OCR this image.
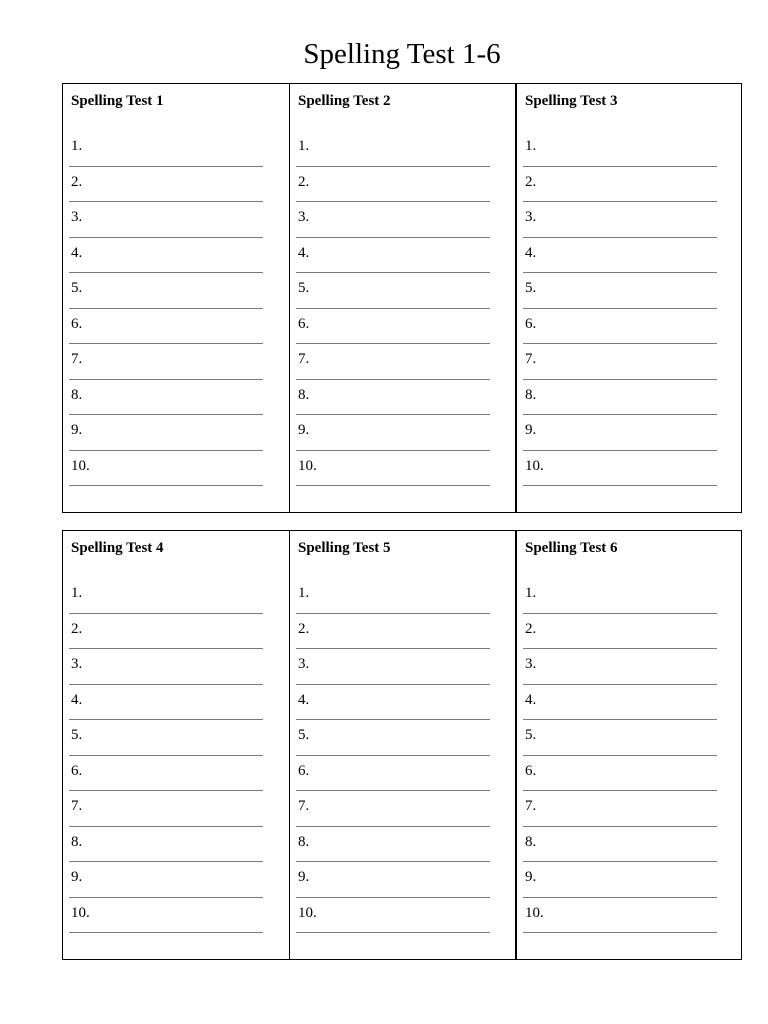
Spelling Test 1-6
Spelling Test 1
1.
2.
3.
4.
5.
6.
7.
8.
9.
10.
Spelling Test 2
1.
2.
3.
4.
5.
6.
7.
8.
9.
10.
Spelling Test 3
1.
2.
3.
4.
5.
6.
7.
8.
9.
10.
Spelling Test 4
1.
2.
3.
4.
5.
6.
7.
8.
9.
10.
Spelling Test 5
1.
2.
3.
4.
5.
6.
7.
8.
9.
10.
Spelling Test 6
1.
2.
3.
4.
5.
6.
7.
8.
9.
10.
